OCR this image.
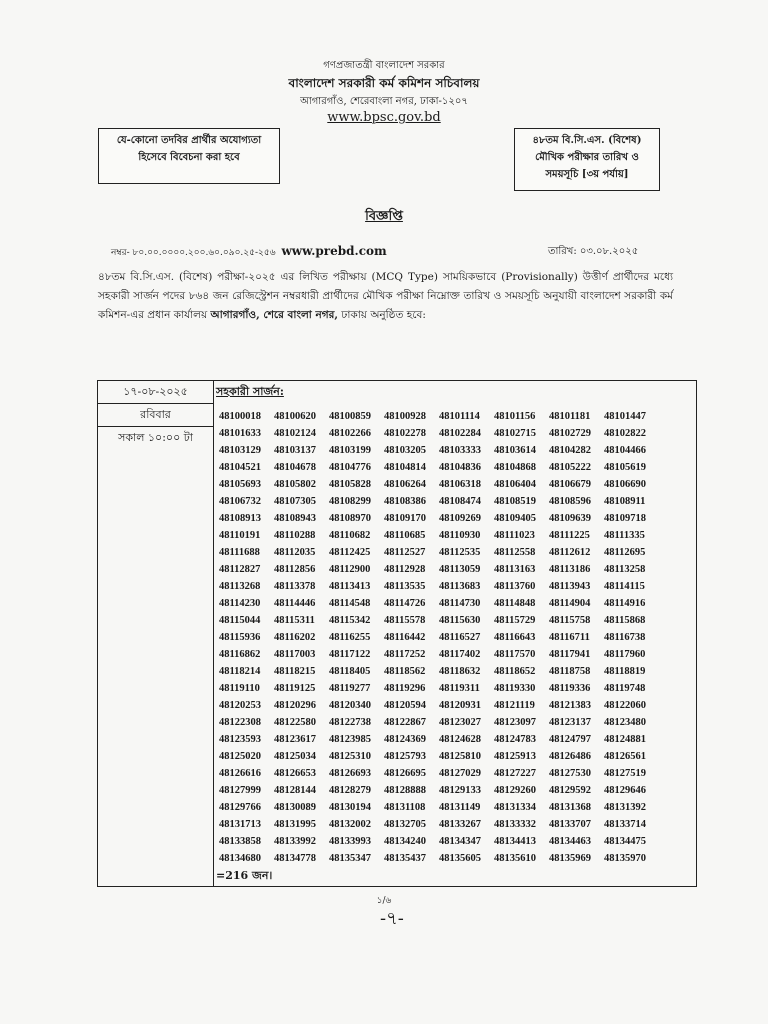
গণপ্রজাতন্ত্রী বাংলাদেশ সরকার
বাংলাদেশ সরকারী কর্ম কমিশন সচিবালয়
আগারগাঁও, শেরেবাংলা নগর, ঢাকা-১২০৭
www.bpsc.gov.bd
যে-কোনো তদবির প্রার্থীর অযোগ্যতা
হিসেবে বিবেচনা করা হবে
৪৮তম বি.সি.এস. (বিশেষ)
মৌখিক পরীক্ষার তারিখ ও
সময়সূচি [৩য় পর্যায়]
বিজ্ঞপ্তি
নম্বর- ৮০.০০.০০০০.২০০.৬০.০৯০.২৫-২৫৬ www.prebd.com	তারিখ: ০৩.০৮.২০২৫
৪৮তম বি.সি.এস. (বিশেষ) পরীক্ষা-২০২৫ এর লিখিত পরীক্ষায় (MCQ Type) সাময়িকভাবে (Provisionally) উত্তীর্ণ প্রার্থীদের মধ্যে সহকারী সার্জন পদের ৮৬৪ জন রেজিস্ট্রেশন নম্বরধারী প্রার্থীদের মৌখিক পরীক্ষা নিম্নোক্ত তারিখ ও সময়সূচি অনুযায়ী বাংলাদেশ সরকারী কর্ম কমিশন-এর প্রধান কার্যালয় আগারগাঁও, শেরে বাংলা নগর, ঢাকায় অনুষ্ঠিত হবে:
১৭-০৮-২০২৫
রবিবার
সকাল ১০:০০ টা

সহকারী সার্জন:
48100018	48100620	48100859	48100928	48101114	48101156	48101181	48101447
48101633	48102124	48102266	48102278	48102284	48102715	48102729	48102822
48103129	48103137	48103199	48103205	48103333	48103614	48104282	48104466
48104521	48104678	48104776	48104814	48104836	48104868	48105222	48105619
48105693	48105802	48105828	48106264	48106318	48106404	48106679	48106690
48106732	48107305	48108299	48108386	48108474	48108519	48108596	48108911
48108913	48108943	48108970	48109170	48109269	48109405	48109639	48109718
48110191	48110288	48110682	48110685	48110930	48111023	48111225	48111335
48111688	48112035	48112425	48112527	48112535	48112558	48112612	48112695
48112827	48112856	48112900	48112928	48113059	48113163	48113186	48113258
48113268	48113378	48113413	48113535	48113683	48113760	48113943	48114115
48114230	48114446	48114548	48114726	48114730	48114848	48114904	48114916
48115044	48115311	48115342	48115578	48115630	48115729	48115758	48115868
48115936	48116202	48116255	48116442	48116527	48116643	48116711	48116738
48116862	48117003	48117122	48117252	48117402	48117570	48117941	48117960
48118214	48118215	48118405	48118562	48118632	48118652	48118758	48118819
48119110	48119125	48119277	48119296	48119311	48119330	48119336	48119748
48120253	48120296	48120340	48120594	48120931	48121119	48121383	48122060
48122308	48122580	48122738	48122867	48123027	48123097	48123137	48123480
48123593	48123617	48123985	48124369	48124628	48124783	48124797	48124881
48125020	48125034	48125310	48125793	48125810	48125913	48126486	48126561
48126616	48126653	48126693	48126695	48127029	48127227	48127530	48127519
48127999	48128144	48128279	48128888	48129133	48129260	48129592	48129646
48129766	48130089	48130194	48131108	48131149	48131334	48131368	48131392
48131713	48131995	48132002	48132705	48133267	48133332	48133707	48133714
48133858	48133992	48133993	48134240	48134347	48134413	48134463	48134475
48134680	48134778	48135347	48135437	48135605	48135610	48135969	48135970
=216 জন।
১/৬
-৭-
